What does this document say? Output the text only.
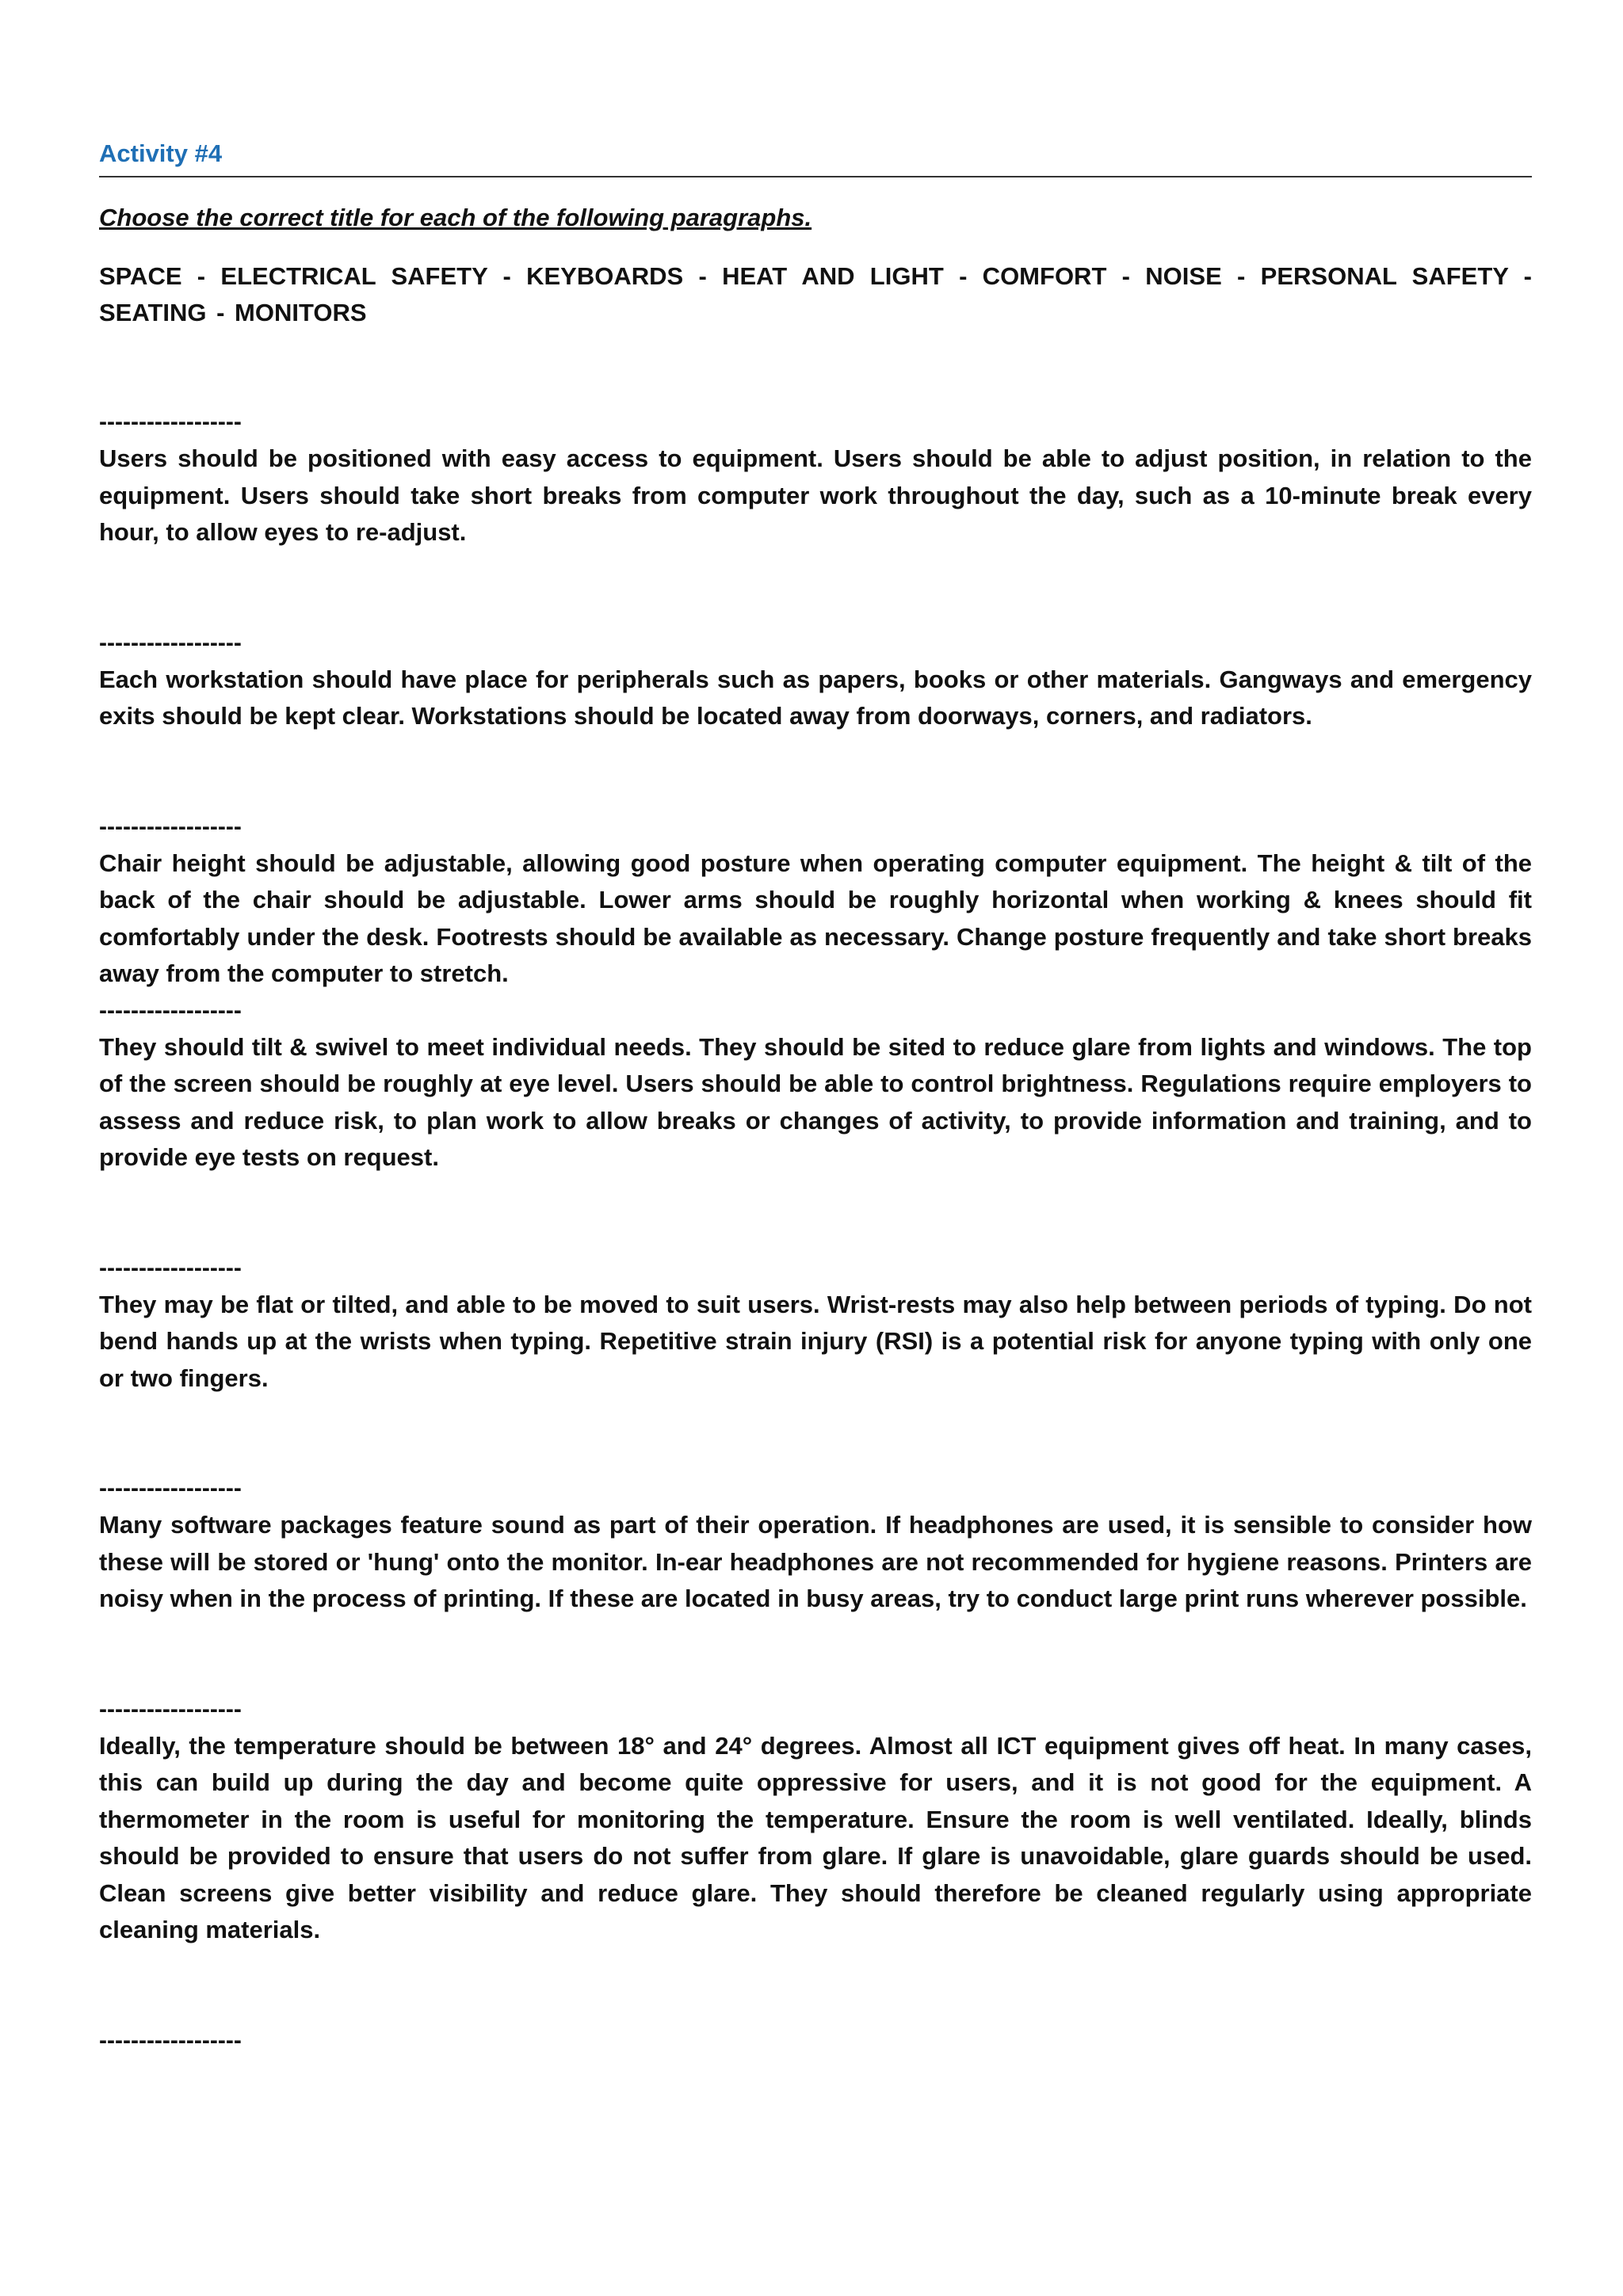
Activity #4

Choose the correct title for each of the following paragraphs.

SPACE - ELECTRICAL SAFETY - KEYBOARDS - HEAT AND LIGHT - COMFORT - NOISE - PERSONAL SAFETY - SEATING - MONITORS

------------------

Users should be positioned with easy access to equipment. Users should be able to adjust position, in relation to the equipment. Users should take short breaks from computer work throughout the day, such as a 10-minute break every hour, to allow eyes to re-adjust.

------------------

Each workstation should have place for peripherals such as papers, books or other materials. Gangways and emergency exits should be kept clear. Workstations should be located away from doorways, corners, and radiators.

------------------

Chair height should be adjustable, allowing good posture when operating computer equipment. The height & tilt of the back of the chair should be adjustable. Lower arms should be roughly horizontal when working & knees should fit comfortably under the desk. Footrests should be available as necessary. Change posture frequently and take short breaks away from the computer to stretch.

------------------

They should tilt & swivel to meet individual needs. They should be sited to reduce glare from lights and windows. The top of the screen should be roughly at eye level. Users should be able to control brightness. Regulations require employers to assess and reduce risk, to plan work to allow breaks or changes of activity, to provide information and training, and to provide eye tests on request.

------------------

They may be flat or tilted, and able to be moved to suit users. Wrist-rests may also help between periods of typing. Do not bend hands up at the wrists when typing. Repetitive strain injury (RSI) is a potential risk for anyone typing with only one or two fingers.

------------------

Many software packages feature sound as part of their operation. If headphones are used, it is sensible to consider how these will be stored or 'hung' onto the monitor. In-ear headphones are not recommended for hygiene reasons. Printers are noisy when in the process of printing. If these are located in busy areas, try to conduct large print runs wherever possible.

------------------

Ideally, the temperature should be between 18° and 24° degrees. Almost all ICT equipment gives off heat. In many cases, this can build up during the day and become quite oppressive for users, and it is not good for the equipment. A thermometer in the room is useful for monitoring the temperature. Ensure the room is well ventilated. Ideally, blinds should be provided to ensure that users do not suffer from glare. If glare is unavoidable, glare guards should be used. Clean screens give better visibility and reduce glare. They should therefore be cleaned regularly using appropriate cleaning materials.

------------------
